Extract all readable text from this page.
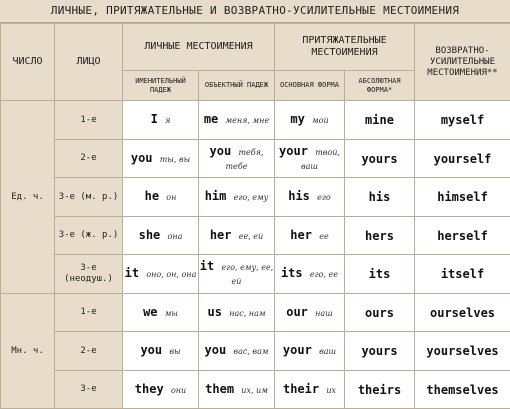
ЛИЧНЫЕ, ПРИТЯЖАТЕЛЬНЫЕ И ВОЗВРАТНО-УСИЛИТЕЛЬНЫЕ МЕСТОИМЕНИЯ
ЧИСЛО	ЛИЦО	ЛИЧНЫЕ МЕСТОИМЕНИЯ		ПРИТЯЖАТЕЛЬНЫЕ МЕСТОИМЕНИЯ		ВОЗВРАТНО-УСИЛИТЕЛЬНЫЕ МЕСТОИМЕНИЯ**
		ИМЕНИТЕЛЬНЫЙ ПАДЕЖ	ОБЪЕКТНЫЙ ПАДЕЖ	ОСНОВНАЯ ФОРМА	АБСОЛЮТНАЯ ФОРМА*	
Ед. ч.	1-е	I я	me меня, мне	my мой	mine	myself
	2-е	you ты, вы	you тебя, тебе	your твой, ваш	yours	yourself
	3-е (м. р.)	he он	him его, ему	his его	his	himself
	3-е (ж. р.)	she она	her ее, ей	her ее	hers	herself
	3-е (неодуш.)	it оно, он, она	it его, ему, ее, ей	its его, ее	its	itself
Мн. ч.	1-е	we мы	us нас, нам	our наш	ours	ourselves
	2-е	you вы	you вас, вам	your ваш	yours	yourselves
	3-е	they они	them их, им	their их	theirs	themselves
